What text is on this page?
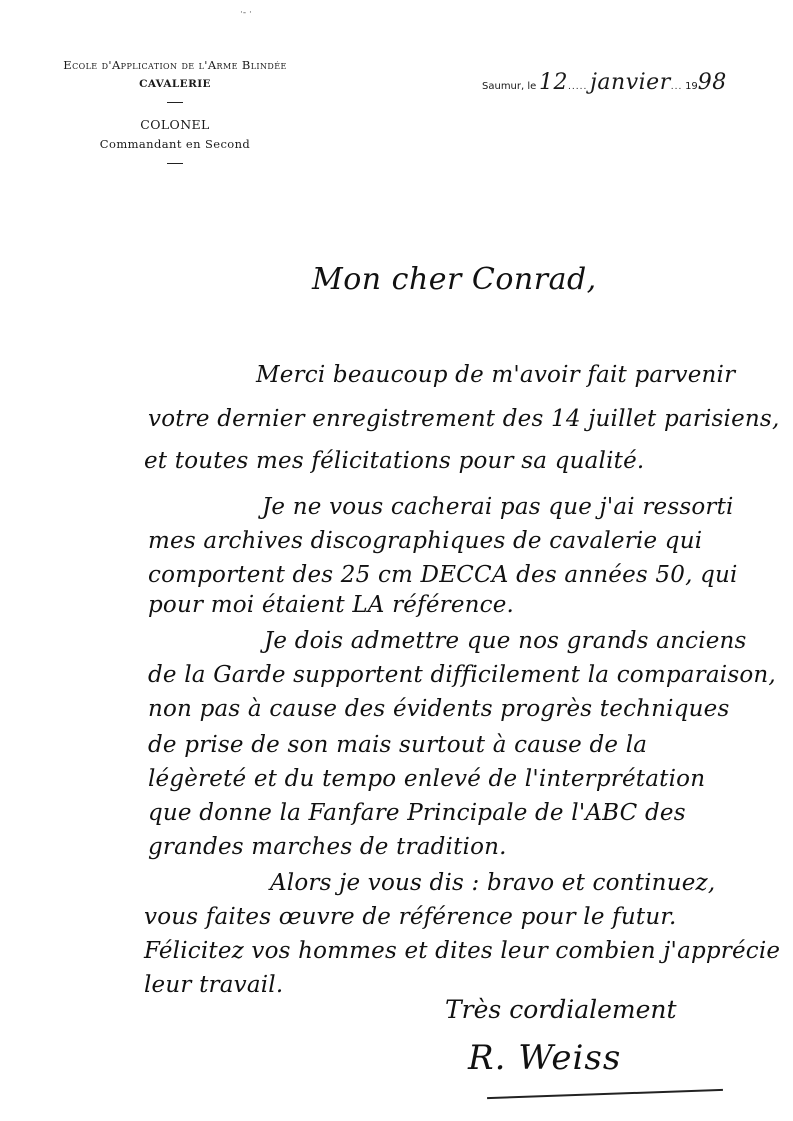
Ecole d'Application de l'Arme Blindée
CAVALERIE
COLONEL
Commandant en Second
·- ·
Saumur, le 12..... janvier... 1998
Mon cher Conrad,
Merci beaucoup de m'avoir fait parvenir
votre dernier enregistrement des 14 juillet parisiens,
et toutes mes félicitations pour sa qualité.
Je ne vous cacherai pas que j'ai ressorti
mes archives discographiques de cavalerie qui
comportent des 25 cm DECCA des années 50, qui
pour moi étaient LA référence.
Je dois admettre que nos grands anciens
de la Garde supportent difficilement la comparaison,
non pas à cause des évidents progrès techniques
de prise de son mais surtout à cause de la
légèreté et du tempo enlevé de l'interprétation
que donne la Fanfare Principale de l'ABC des
grandes marches de tradition.
Alors je vous dis : bravo et continuez,
vous faites œuvre de référence pour le futur.
Félicitez vos hommes et dites leur combien j'apprécie
leur travail.
Très cordialement
R. Weiss
